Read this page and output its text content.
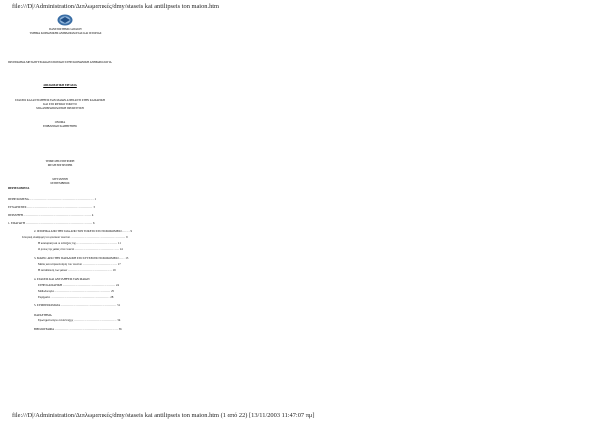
file:///D|/Administration/Διπλωματικές/dmy/staseis kai antilipseis ton maion.htm
ΠΑΝΕΠΙΣΤΗΜΙΟ ΑΙΓΑΙΟΥ
ΤΜΗΜΑ ΚΟΙΝΩΝΙΚΗΣ ΑΝΘΡΩΠΟΛΟΓΙΑΣ ΚΑΙ ΙΣΤΟΡΙΑΣ
ΠΡΟΓΡΑΜΜΑ ΜΕΤΑΠΤΥΧΙΑΚΩΝ ΣΠΟΥΔΩΝ ΣΤΗΝ ΚΟΙΝΩΝΙΚΗ ΑΝΘΡΩΠΟΛΟΓΙΑ
ΔΙΠΛΩΜΑΤΙΚΗ ΕΡΓΑΣΙΑ
ΣΤΑΣΕΙΣ ΚΑΙ ΑΝΤΙΛΗΨΕΙΣ ΤΩΝ ΜΑΙΩΝ ΑΠΕΝΑΝΤΙ ΣΤΗΝ ΚΑΙΣΑΡΙΚΗ
ΚΑΙ ΣΤΟ ΦΥΣΙΚΟ ΤΟΚΕΤΟ
ΜΙΑ ΑΝΘΡΩΠΟΛΟΓΙΚΗ ΠΡΟΣΕΓΓΙΣΗ
ΟΝΟΜΑ
ΕΠΙΒΛΕΠΩΝ ΚΑΘΗΓΗΤΗΣ
ΤΡΙΜΕΛΗΣ ΕΠΙΤΡΟΠΗ
ΜΕΛΗ ΕΠΙΤΡΟΠΗΣ
ΜΥΤΙΛΗΝΗ
ΣΕΠΤΕΜΒΡΙΟΣ
ΠΕΡΙΕΧΟΜΕΝΑ
ΠΕΡΙΕΧΟΜΕΝΑ ............................................................ 1
ΕΥΧΑΡΙΣΤΙΕΣ ............................................................. 3
ΠΕΡΙΛΗΨΗ ............................................................... 4
1. ΕΙΣΑΓΩΓΗ .............................................................. 6
2. ΙΣΤΟΡΙΚΑ ΑΠΟ ΤΗΝ ΙΔΙΑ ΑΠΟ ΤΟΝ ΤΟΚΕΤΟ ΣΤΟ ΝΟΣΟΚΟΜΕΙΟ ....... 9
Ιστορική αναδρομή του φυσικού τοκετού ................................................... 9
Η καισαρική και οι ενδείξεις της ...................................... 11
Ο ρόλος της μαίας στον τοκετό ......................................... 14
3. ΜΑΙΕΣ: ΑΠΟ ΤΗΝ ΠΑΡΑΔΟΣΗ ΣΤΟ ΣΥΓΧΡΟΝΟ ΝΟΣΟΚΟΜΕΙΟ ..... 15
Μαίες και ιατρικοποίηση του τοκετού ................................ 17
Η εκπαίδευση των μαιών ......................................... 19
4. ΣΤΑΣΕΙΣ ΚΑΙ ΑΝΤΙΛΗΨΕΙΣ ΤΩΝ ΜΑΙΩΝ
ΣΤΗΝ ΚΑΙΣΑΡΙΚΗ ................................................. 24
Μεθοδολογία .................................................... 25
Ευρήματα ....................................................... 28
5. ΣΥΜΠΕΡΑΣΜΑΤΑ .................................................... 51
ΠΑΡΑΡΤΗΜΑ
Ερωτηματολόγιο συνέντευξης ........................................ 54
ΒΙΒΛΙΟΓΡΑΦΙΑ ........................................................... 56
file:///D|/Administration/Διπλωματικές/dmy/staseis kai antilipseis ton maion.htm (1 από 22) [13/11/2003 11:47:07 πμ]
